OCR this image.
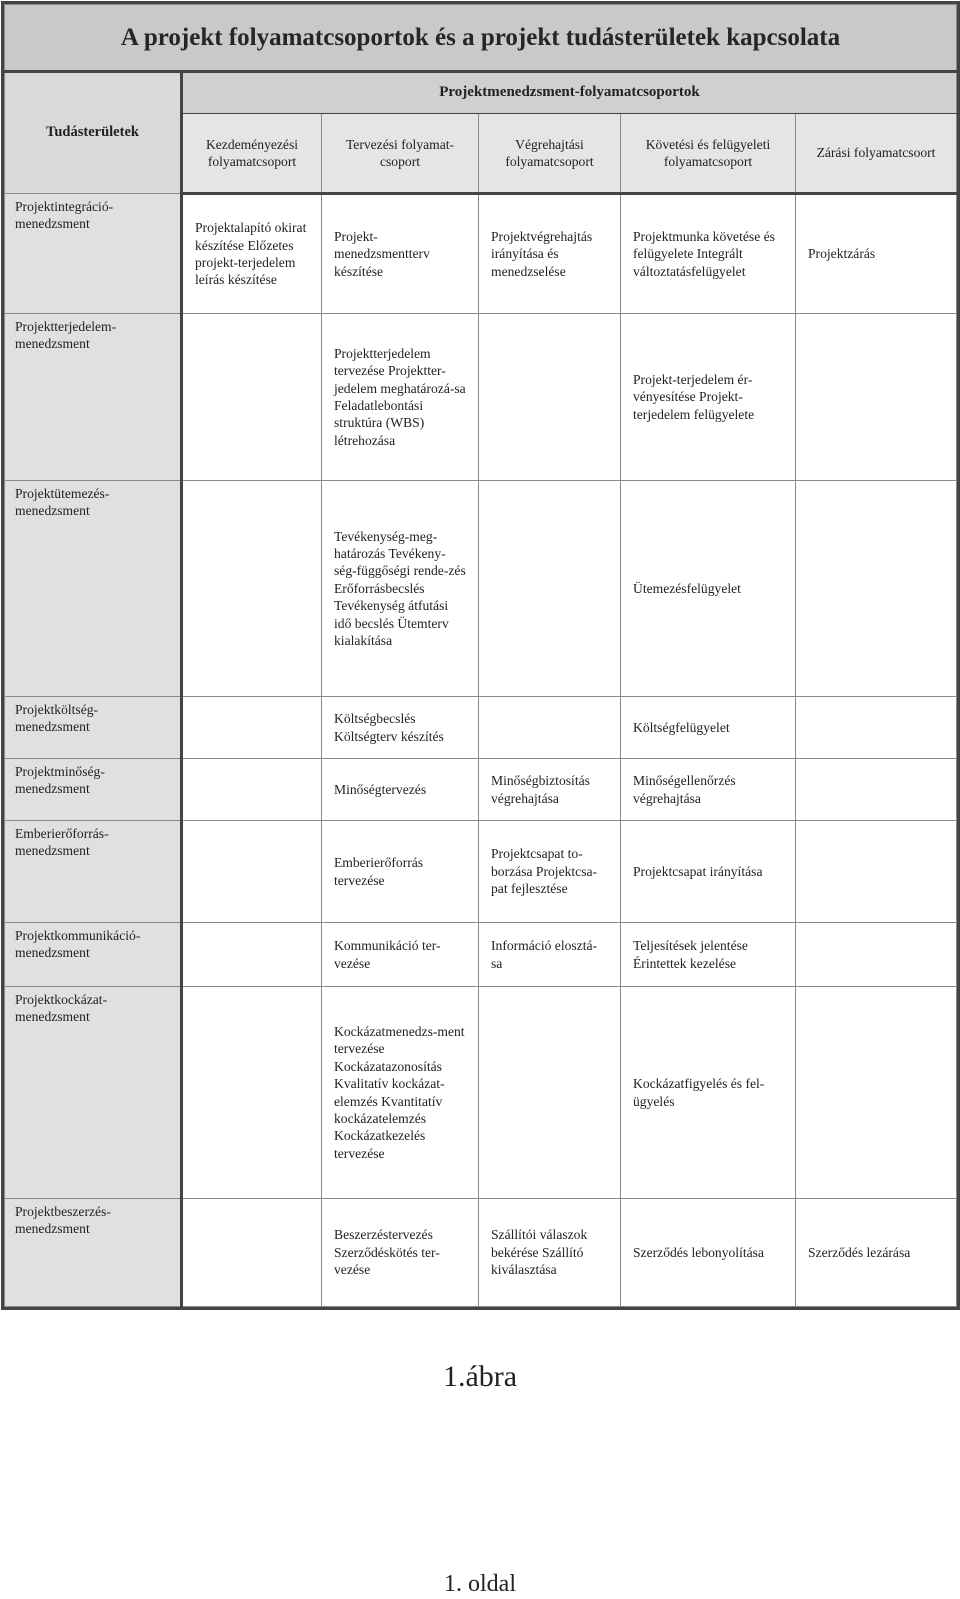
A projekt folyamatcsoportok és a projekt tudásterületek kapcsolata					
Tudásterületek	Projektmenedzsment-folyamatcsoportok				
	Kezdeményezési folyamatcsoport	Tervezési folyamat-csoport	Végrehajtási folyamatcsoport	Követési és felügyeleti folyamatcsoport	Zárási folyamatcsoort
Projektintegráció-menedzsment	Projektalapító okirat készítése Előzetes projekt-terjedelem leírás készítése	Projekt-menedzsmentterv készítése	Projektvégrehajtás irányítása és menedzselése	Projektmunka követése és felügyelete Integrált változtatásfelügyelet	Projektzárás
Projektterjedelem-menedzsment		Projektterjedelem tervezése Projektter-jedelem meghatározá-sa Feladatlebontási struktúra (WBS) létrehozása		Projekt-terjedelem ér-vényesítése Projekt-terjedelem felügyelete	
Projektütemezés-menedzsment		Tevékenység-meg-határozás Tevékeny-ség-függőségi rende-zés Erőforrásbecslés Tevékenység átfutási idő becslés Ütemterv kialakítása		Ütemezésfelügyelet	
Projektköltség-menedzsment		Költségbecslés Költségterv készítés		Költségfelügyelet	
Projektminőség-menedzsment		Minőségtervezés	Minőségbiztosítás végrehajtása	Minőségellenőrzés végrehajtása	
Emberierőforrás-menedzsment		Emberierőforrás tervezése	Projektcsapat to-borzása Projektcsa-pat fejlesztése	Projektcsapat irányítása	
Projektkommunikáció-menedzsment		Kommunikáció ter-vezése	Információ elosztá-sa	Teljesítések jelentése Érintettek kezelése	
Projektkockázat-menedzsment		Kockázatmenedzs-ment tervezése Kockázatazonosítás Kvalitatív kockázat-elemzés Kvantitatív kockázatelemzés Kockázatkezelés tervezése		Kockázatfigyelés és fel-ügyelés	
Projektbeszerzés-menedzsment		Beszerzéstervezés Szerződéskötés ter-vezése	Szállítói válaszok bekérése Szállító kiválasztása	Szerződés lebonyolítása	Szerződés lezárása
1.ábra
1. oldal
